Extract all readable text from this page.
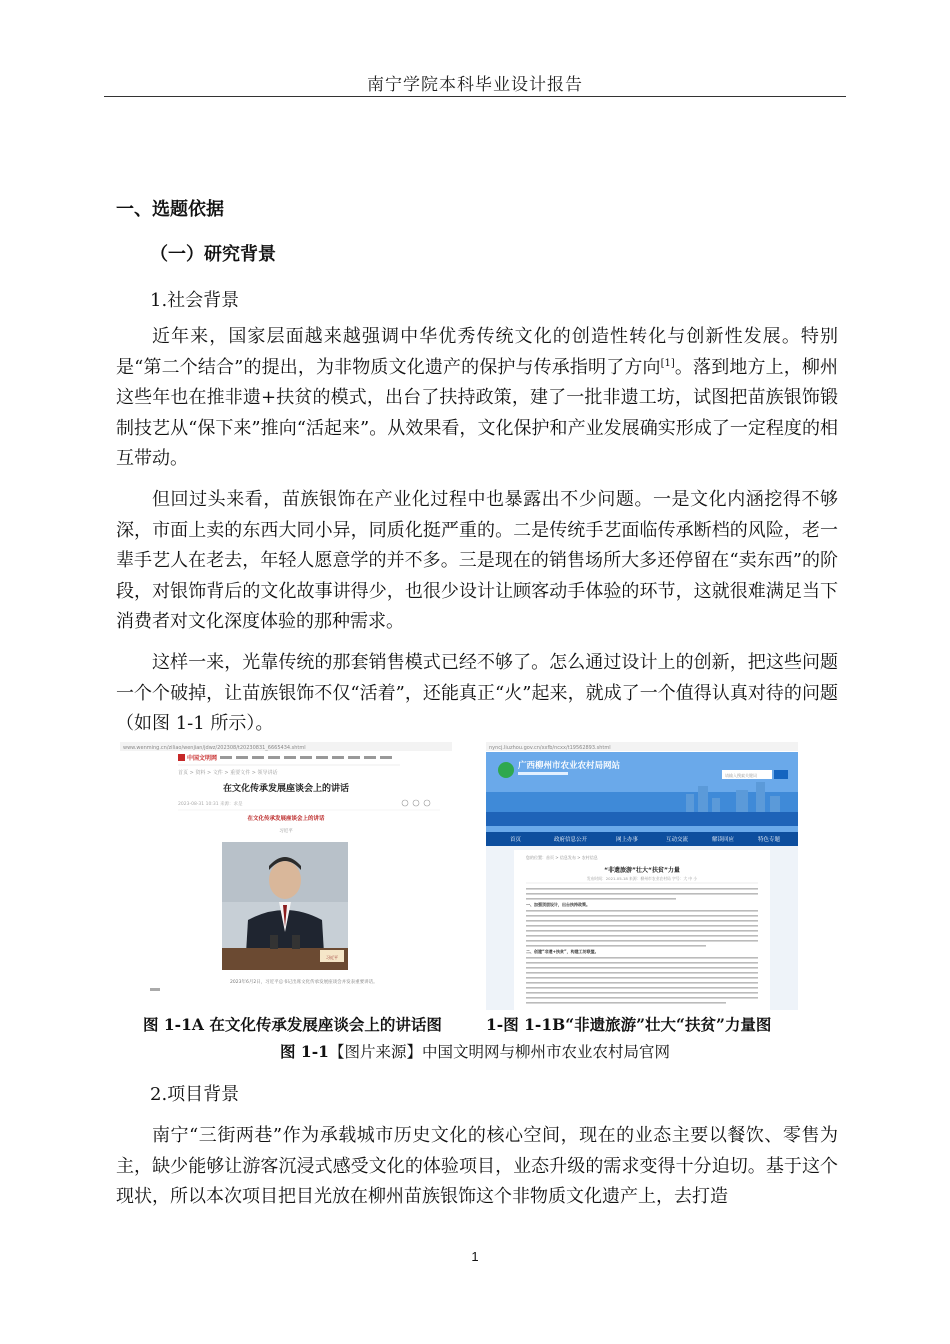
南宁学院本科毕业设计报告
一、选题依据
（一）研究背景
1.社会背景

近年来，国家层面越来越强调中华优秀传统文化的创造性转化与创新性发展。特别是“第二个结合”的提出，为非物质文化遗产的保护与传承指明了方向[1]。落到地方上，柳州这些年也在推非遗+扶贫的模式，出台了扶持政策，建了一批非遗工坊，试图把苗族银饰锻制技艺从“保下来”推向“活起来”。从效果看，文化保护和产业发展确实形成了一定程度的相互带动。

但回过头来看，苗族银饰在产业化过程中也暴露出不少问题。一是文化内涵挖得不够深，市面上卖的东西大同小异，同质化挺严重的。二是传统手艺面临传承断档的风险，老一辈手艺人在老去，年轻人愿意学的并不多。三是现在的销售场所大多还停留在“卖东西”的阶段，对银饰背后的文化故事讲得少，也很少设计让顾客动手体验的环节，这就很难满足当下消费者对文化深度体验的那种需求。

这样一来，光靠传统的那套销售模式已经不够了。怎么通过设计上的创新，把这些问题一个个破掉，让苗族银饰不仅“活着”，还能真正“火”起来，就成了一个值得认真对待的问题（如图 1-1 所示）。

www.wenming.cn/ziliao/wenjian/jdwz/202308/t20230831_6665434.shtml
中国文明网
首页 > 资料 > 文件 > 重要文件 > 领导讲话
在文化传承发展座谈会上的讲话
2023-08-31 10:31 来源：求是
在文化传承发展座谈会上的讲话
习近平
习近平
2023年6月2日，习近平总书记出席文化传承发展座谈会并发表重要讲话。
nyncj.liuzhou.gov.cn/xxfb/ncxx/t19562893.shtml
广西柳州市农业农村局网站
请输入搜索关键词
首页	政府信息公开	网上办事	互动交流	解读回应	特色专题
您的位置：首页 > 信息发布 > 农村信息
“非遗旅游”壮大“扶贫”力量
发布时间：2021-05-18 来源：柳州市农业农村局 字号：大 中 小
一、加强顶层设计，出台扶持政策。
二、创建“非遗+扶贫”，构建工坊联盟。
图 1-1A 在文化传承发展座谈会上的讲话图	1-图 1-1B“非遗旅游”壮大“扶贫”力量图
图 1-1【图片来源】中国文明网与柳州市农业农村局官网
2.项目背景

南宁“三街两巷”作为承载城市历史文化的核心空间，现在的业态主要以餐饮、零售为主，缺少能够让游客沉浸式感受文化的体验项目，业态升级的需求变得十分迫切。基于这个现状，所以本次项目把目光放在柳州苗族银饰这个非物质文化遗产上，去打造

1
